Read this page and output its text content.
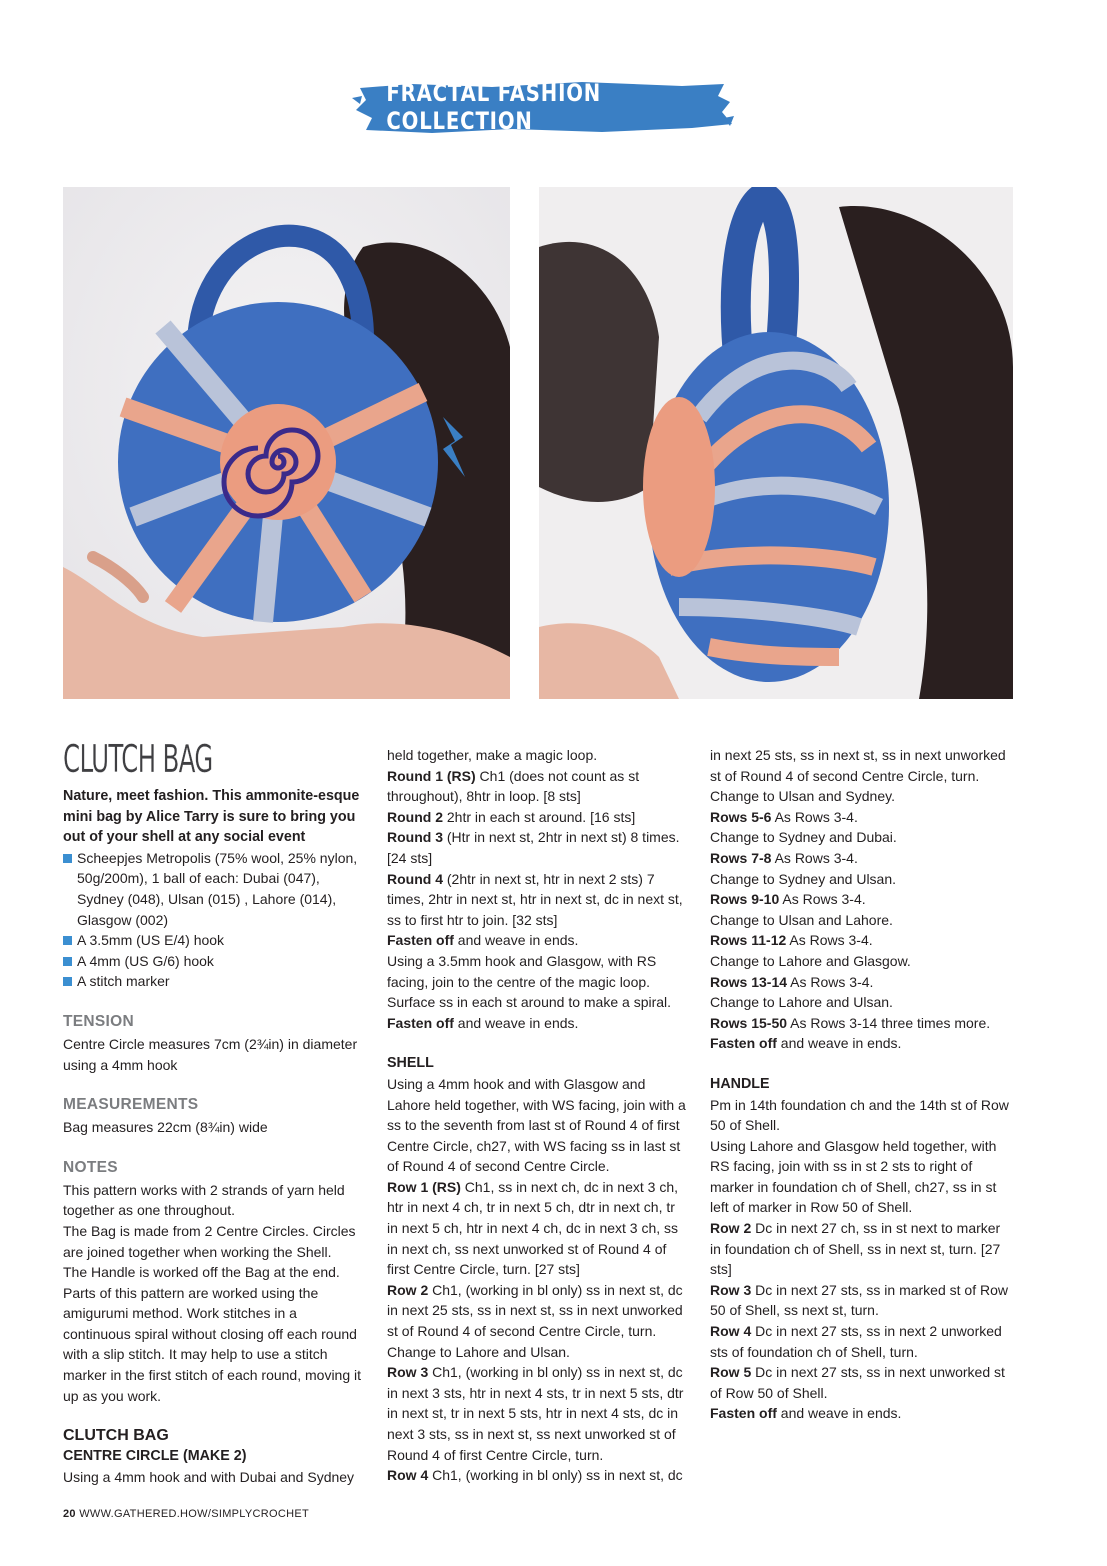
FRACTAL FASHION COLLECTION
CLUTCH BAG

Nature, meet fashion. This ammonite-esque mini bag by Alice Tarry is sure to bring you out of your shell at any social event

Scheepjes Metropolis (75% wool, 25% nylon, 50g/200m), 1 ball of each: Dubai (047), Sydney (048), Ulsan (015) , Lahore (014), Glasgow (002)
A 3.5mm (US E/4) hook
A 4mm (US G/6) hook
A stitch marker
TENSION

Centre Circle measures 7cm (2¾in) in diameter using a 4mm hook

MEASUREMENTS

Bag measures 22cm (8¾in) wide

NOTES

This pattern works with 2 strands of yarn held together as one throughout.

The Bag is made from 2 Centre Circles. Circles are joined together when working the Shell.

The Handle is worked off the Bag at the end.

Parts of this pattern are worked using the amigurumi method. Work stitches in a continuous spiral without closing off each round with a slip stitch. It may help to use a stitch marker in the first stitch of each round, moving it up as you work.

CLUTCH BAG
CENTRE CIRCLE (MAKE 2)

Using a 4mm hook and with Dubai and Sydney

held together, make a magic loop.

Round 1 (RS) Ch1 (does not count as st throughout), 8htr in loop. [8 sts]

Round 2 2htr in each st around. [16 sts]

Round 3 (Htr in next st, 2htr in next st) 8 times. [24 sts]

Round 4 (2htr in next st, htr in next 2 sts) 7 times, 2htr in next st, htr in next st, dc in next st, ss to first htr to join. [32 sts]

Fasten off and weave in ends.

Using a 3.5mm hook and Glasgow, with RS facing, join to the centre of the magic loop. Surface ss in each st around to make a spiral.

Fasten off and weave in ends.

SHELL

Using a 4mm hook and with Glasgow and Lahore held together, with WS facing, join with a ss to the seventh from last st of Round 4 of first Centre Circle, ch27, with WS facing ss in last st of Round 4 of second Centre Circle.

Row 1 (RS) Ch1, ss in next ch, dc in next 3 ch, htr in next 4 ch, tr in next 5 ch, dtr in next ch, tr in next 5 ch, htr in next 4 ch, dc in next 3 ch, ss in next ch, ss next unworked st of Round 4 of first Centre Circle, turn. [27 sts]

Row 2 Ch1, (working in bl only) ss in next st, dc in next 25 sts, ss in next st, ss in next unworked st of Round 4 of second Centre Circle, turn.

Change to Lahore and Ulsan.

Row 3 Ch1, (working in bl only) ss in next st, dc in next 3 sts, htr in next 4 sts, tr in next 5 sts, dtr in next st, tr in next 5 sts, htr in next 4 sts, dc in next 3 sts, ss in next st, ss next unworked st of Round 4 of first Centre Circle, turn.

Row 4 Ch1, (working in bl only) ss in next st, dc

in next 25 sts, ss in next st, ss in next unworked st of Round 4 of second Centre Circle, turn.

Change to Ulsan and Sydney.

Rows 5-6 As Rows 3-4.

Change to Sydney and Dubai.

Rows 7-8 As Rows 3-4.

Change to Sydney and Ulsan.

Rows 9-10 As Rows 3-4.

Change to Ulsan and Lahore.

Rows 11-12 As Rows 3-4.

Change to Lahore and Glasgow.

Rows 13-14 As Rows 3-4.

Change to Lahore and Ulsan.

Rows 15-50 As Rows 3-14 three times more.

Fasten off and weave in ends.

HANDLE

Pm in 14th foundation ch and the 14th st of Row 50 of Shell.

Using Lahore and Glasgow held together, with RS facing, join with ss in st 2 sts to right of marker in foundation ch of Shell, ch27, ss in st left of marker in Row 50 of Shell.

Row 2 Dc in next 27 ch, ss in st next to marker in foundation ch of Shell, ss in next st, turn. [27 sts]

Row 3 Dc in next 27 sts, ss in marked st of Row 50 of Shell, ss next st, turn.

Row 4 Dc in next 27 sts, ss in next 2 unworked sts of foundation ch of Shell, turn.

Row 5 Dc in next 27 sts, ss in next unworked st of Row 50 of Shell.

Fasten off and weave in ends.

20 WWW.GATHERED.HOW/SIMPLYCROCHET
